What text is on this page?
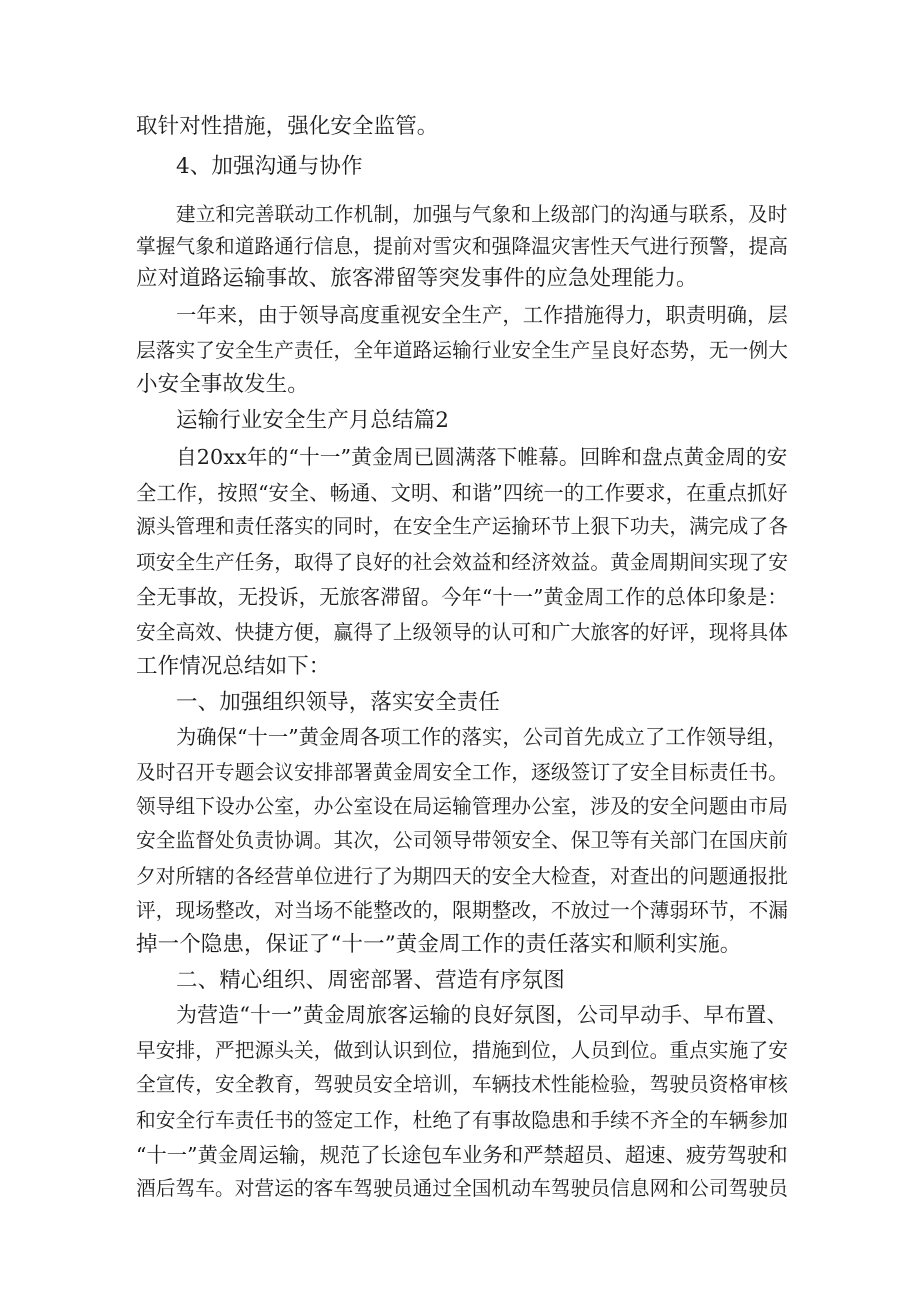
取针对性措施，强化安全监管。
4、加强沟通与协作
建立和完善联动工作机制，加强与气象和上级部门的沟通与联系，及时
掌握气象和道路通行信息，提前对雪灾和强降温灾害性天气进行预警，提高
应对道路运输事故、旅客滞留等突发事件的应急处理能力。
一年来，由于领导高度重视安全生产，工作措施得力，职责明确，层
层落实了安全生产责任，全年道路运输行业安全生产呈良好态势，无一例大
小安全事故发生。
运输行业安全生产月总结篇2
自20xx年的“十一”黄金周已圆满落下帷幕。回眸和盘点黄金周的安
全工作，按照“安全、畅通、文明、和谐”四统一的工作要求，在重点抓好
源头管理和责任落实的同时，在安全生产运揄环节上狠下功夫，满完成了各
项安全生产任务，取得了良好的社会效益和经济效益。黄金周期间实现了安
全无事故，无投诉，无旅客滞留。今年“十一”黄金周工作的总体印象是：
安全高效、快捷方便，赢得了上级领导的认可和广大旅客的好评，现将具体
工作情况总结如下：
一、加强组织领导，落实安全责任
为确保“十一”黄金周各项工作的落实，公司首先成立了工作领导组，
及时召开专题会议安排部署黄金周安全工作，逐级签订了安全目标责任书。
领导组下设办公室，办公室设在局运输管理办公室，涉及的安全问题由市局
安全监督处负责协调。其次，公司领导带领安全、保卫等有关部门在国庆前
夕对所辖的各经营单位进行了为期四天的安全大检查，对查出的问题通报批
评，现场整改，对当场不能整改的，限期整改，不放过一个薄弱环节，不漏
掉一个隐患，保证了“十一”黄金周工作的责任落实和顺利实施。
二、精心组织、周密部署、营造有序氛图
为营造“十一”黄金周旅客运输的良好氛图，公司早动手、早布置、
早安排，严把源头关，做到认识到位，措施到位，人员到位。重点实施了安
全宣传，安全教育，驾驶员安全培训，车辆技术性能检验，驾驶员资格审核
和安全行车责任书的签定工作，杜绝了有事故隐患和手续不齐全的车辆参加
“十一”黄金周运输，规范了长途包车业务和严禁超员、超速、疲劳驾驶和
酒后驾车。对营运的客车驾驶员通过全国机动车驾驶员信息网和公司驾驶员
